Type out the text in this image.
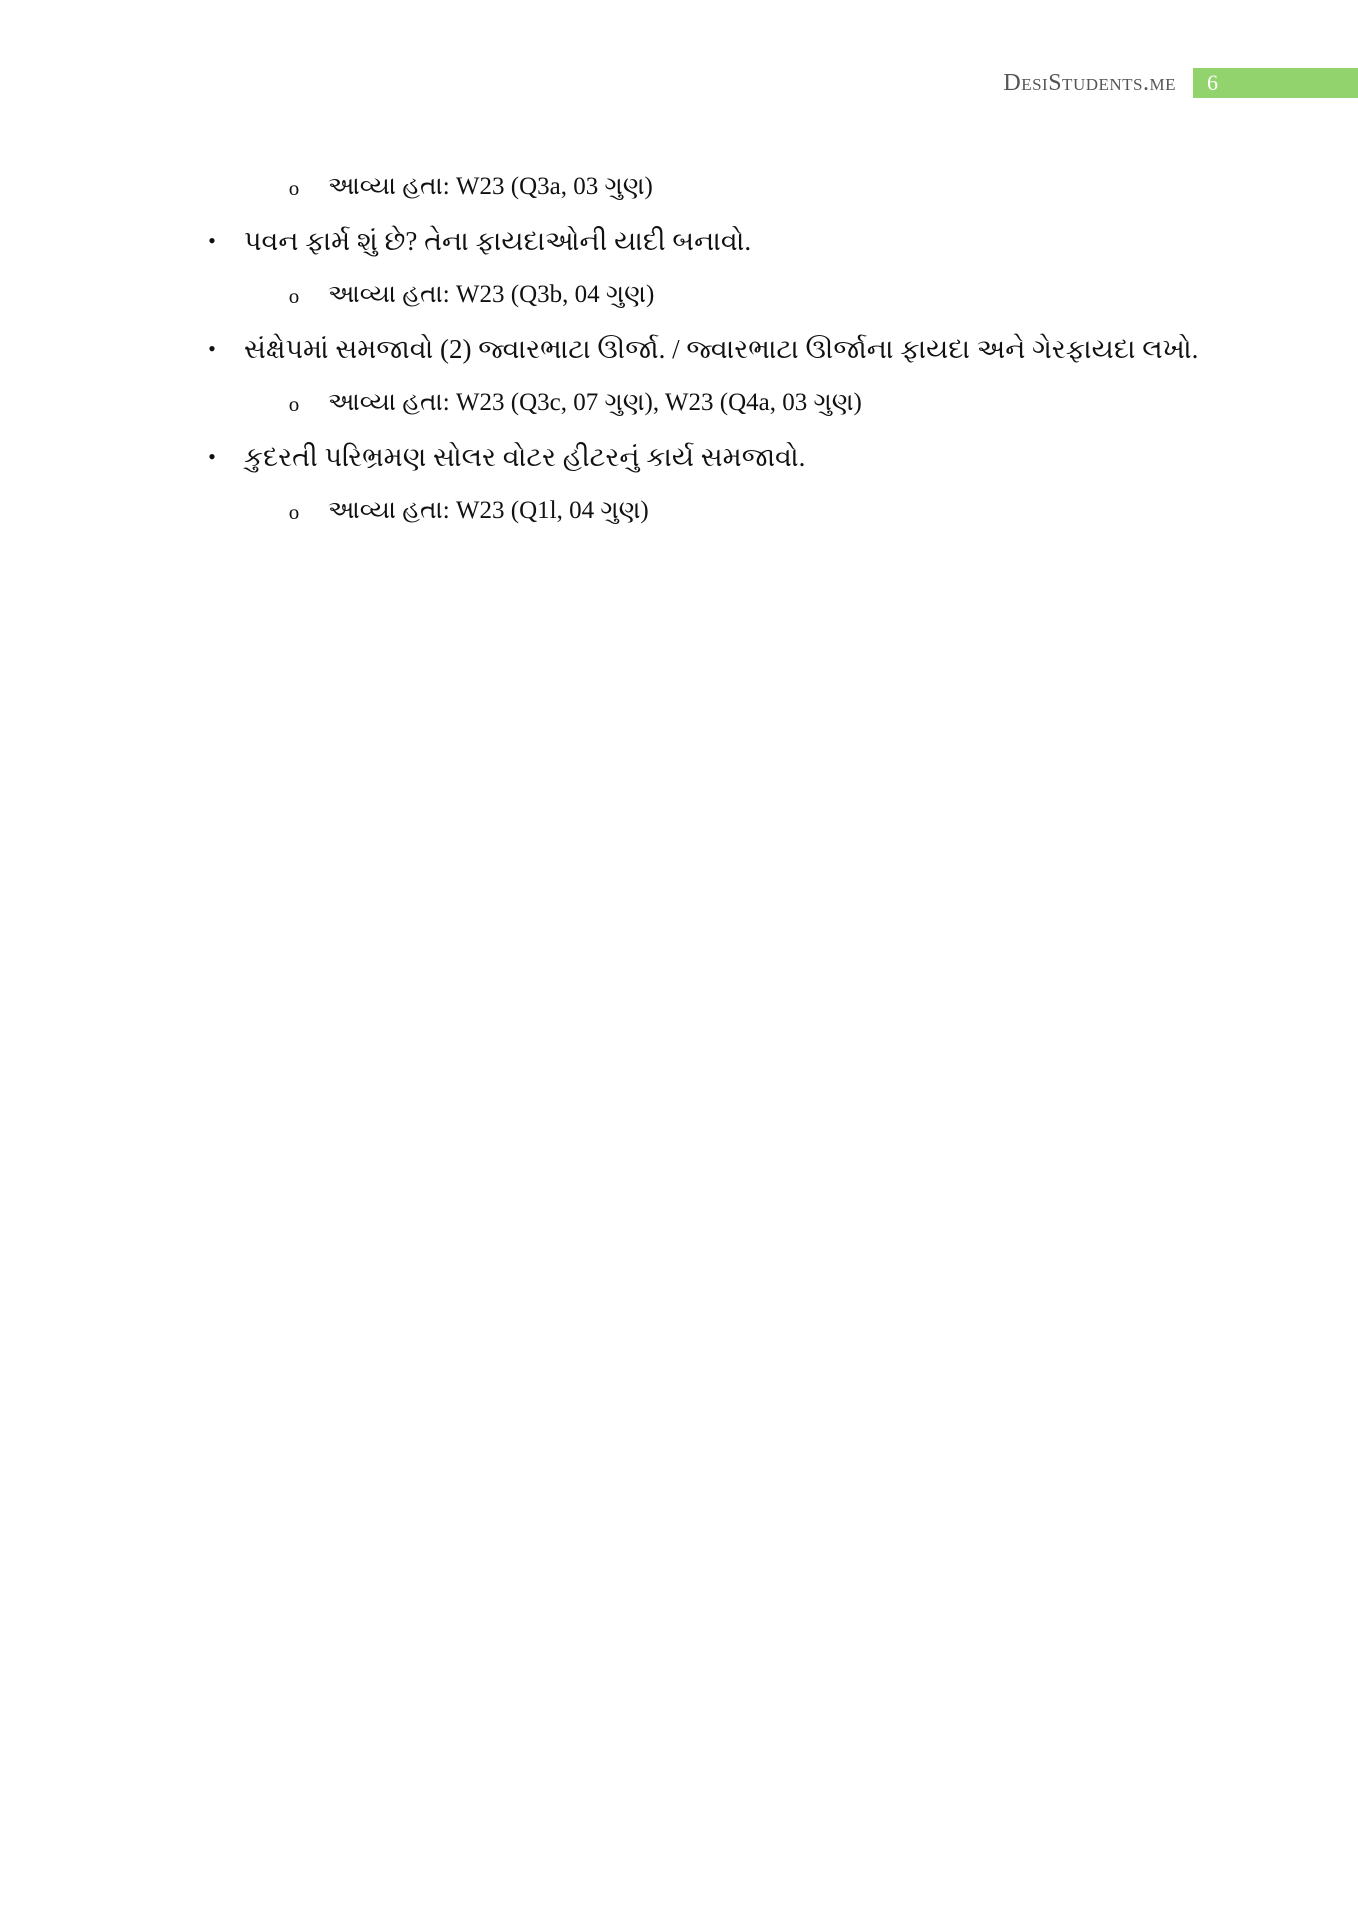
DesiStudents.me 6
o આવ્યા હતા: W23 (Q3a, 03 ગુણ)
• પવન ફાર્મ શું છે? તેના ફાયદાઓની યાદી બનાવો.
o આવ્યા હતા: W23 (Q3b, 04 ગુણ)
• સંક્ષેપમાં સમજાવો (2) જ્વારભાટા ઊર્જા. / જ્વારભાટા ઊર્જાના ફાયદા અને ગેરફાયદા લખો.
o આવ્યા હતા: W23 (Q3c, 07 ગુણ), W23 (Q4a, 03 ગુણ)
• કુદરતી પરિભ્રમણ સોલર વોટર હીટરનું કાર્ય સમજાવો.
o આવ્યા હતા: W23 (Q1l, 04 ગુણ)
